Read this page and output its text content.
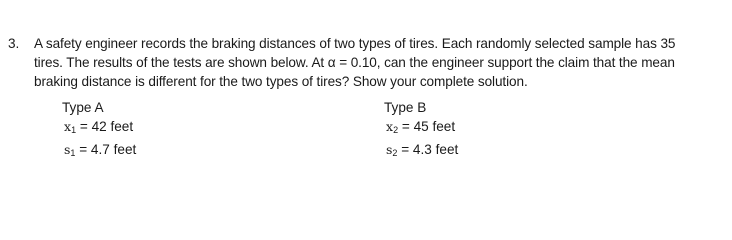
3. A safety engineer records the braking distances of two types of tires. Each randomly selected sample has 35
tires. The results of the tests are shown below. At α = 0.10, can the engineer support the claim that the mean
braking distance is different for the two types of tires? Show your complete solution.
Type A
$x_1 = 42$ feet
$s_1 = 4.7$ feet
Type B
$x_2 = 45$ feet
$s_2 = 4.3$ feet
